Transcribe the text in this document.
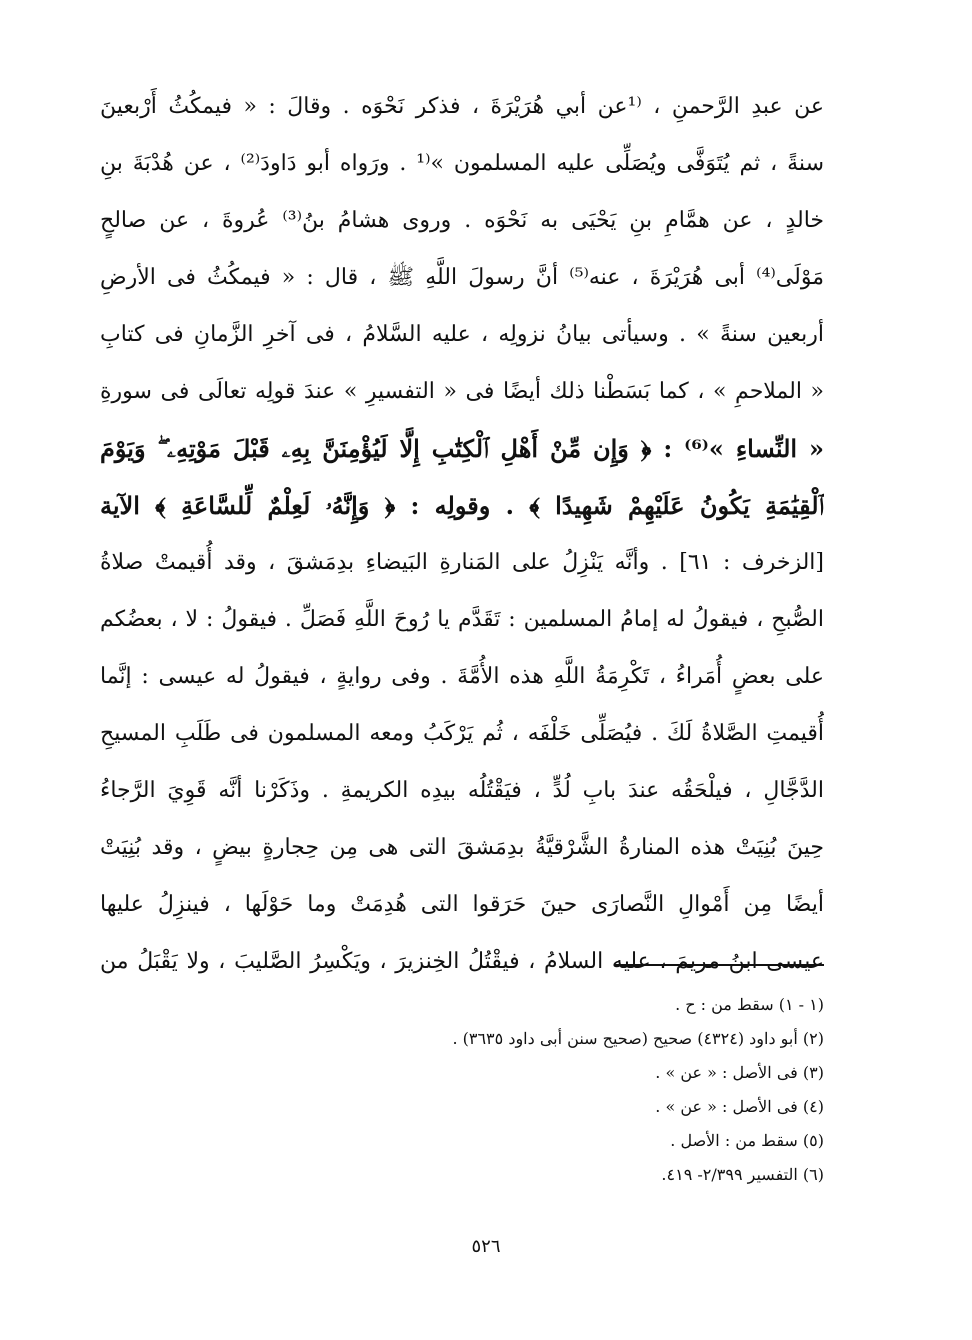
عن عبدِ الرَّحمنِ ، ⁽¹عن أبي هُرَيْرَةَ ، فذكر نَحْوَه . وقالَ : « فيمكُثُ أَرْبعينَ
سنةً ، ثم يُتَوَفَّى ويُصَلِّى عليه المسلمون »⁽¹ . ورَواه أبو دَاودَ⁽²⁾ ، عن هُدْبَةَ بنِ
خالدٍ ، عن همَّامِ بنِ يَحْيَى به نَحْوَه . وروى هشامُ بنُ⁽³⁾ عُروةَ ، عن صالحٍ
مَوْلَى⁽⁴⁾ أبى هُرَيْرَةَ ، عنه⁽⁵⁾ أنَّ رسولَ اللَّهِ ﷺ ، قال : « فيمكُثُ فى الأرضِ
أربعين سنةً » . وسيأتى بيانُ نزولِه ، عليه السَّلامُ ، فى آخرِ الزَّمانِ فى كتابِ
« الملاحمِ » ، كما بَسَطْنا ذلك أيضًا فى « التفسيرِ » عندَ قولِه تعالَى فى سورةِ
« النِّساءِ »⁽⁶⁾ : ﴿ وَإِن مِّنْ أَهْلِ ٱلْكِتَٰبِ إِلَّا لَيُؤْمِنَنَّ بِهِۦ قَبْلَ مَوْتِهِۦ ۖ وَيَوْمَ
ٱلْقِيَٰمَةِ يَكُونُ عَلَيْهِمْ شَهِيدًا ﴾ . وقولِه : ﴿ وَإِنَّهُۥ لَعِلْمٌ لِّلسَّاعَةِ ﴾ الآية
[الزخرف : ٦١] . وأنَّه يَنْزِلُ على المَنارةِ البَيضاءِ بدِمَشقَ ، وقد أُقيمتْ صلاةُ
الصُّبحِ ، فيقولُ له إمامُ المسلمين : تَقَدَّم يا رُوحَ اللَّهِ فَصَلِّ . فيقولُ : لا ، بعضُكم
على بعضٍ أُمَراءُ ، تَكْرِمَةُ اللَّهِ هذه الأُمَّةَ . وفى روايةٍ ، فيقولُ له عيسى : إنَّما
أُقيمتِ الصَّلاةُ لَكَ . فيُصَلِّى خَلْفَه ، ثُم يَرْكَبُ ومعه المسلمون فى طَلَبِ المسيحِ
الدَّجَّالِ ، فيلْحَقُه عندَ بابِ لُدٍّ ، فيَقْتُلُه بيدِه الكريمةِ . وذَكَرْنا أنَّه قَوِيَ الرَّجاءُ
حِينَ بُنِيَتْ هذه المنارةُ الشَّرْقيَّةُ بدِمَشقَ التى هى مِن حِجارةٍ بيضٍ ، وقد بُنِيَتْ
أيضًا مِن أَمْوالِ النَّصارَى حينَ حَرَقوا التى هُدِمَتْ وما حَوْلَها ، فينزِلُ عليها
عيسى ابنُ مريمَ ، عليه السلامُ ، فيقْتُلُ الخِنزيرَ ، ويَكْسِرُ الصَّليبَ ، ولا يَقْبَلُ من
(١ - ١) سقط من : ح .
(٢) أبو داود (٤٣٢٤) صحيح (صحيح سنن أبى داود ٣٦٣٥) .
(٣) فى الأصل : « عن » .
(٤) فى الأصل : « عن » .
(٥) سقط من : الأصل .
(٦) التفسير ٢/٣٩٩- ٤١٩.
٥٢٦
